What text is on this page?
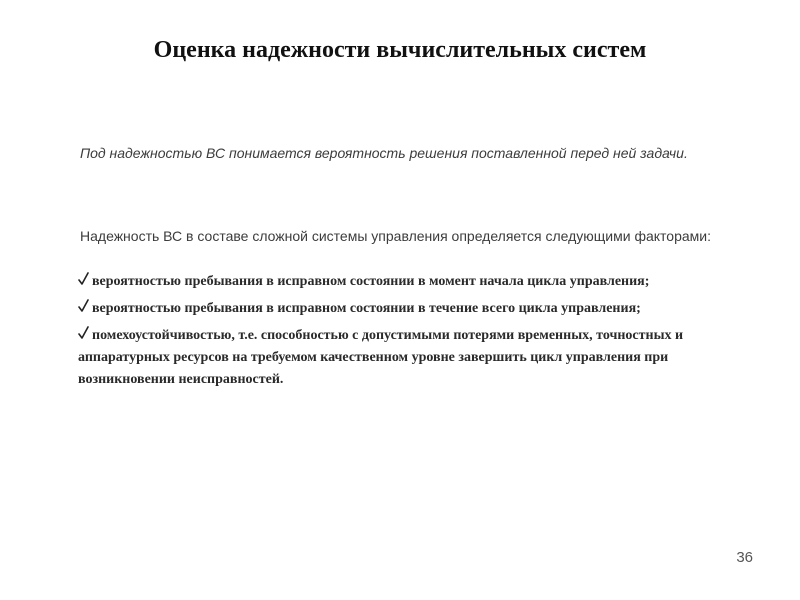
Оценка надежности вычислительных систем

Под надежностью ВС понимается вероятность решения поставленной перед ней задачи.

Надежность ВС в составе сложной системы управления определяется следующими факторами:

вероятностью пребывания в исправном состоянии в момент начала цикла управления;
вероятностью пребывания в исправном состоянии в течение всего цикла управления;
помехоустойчивостью, т.е. способностью с допустимыми потерями временных, точностных и аппаратурных ресурсов на требуемом качественном уровне завершить цикл управления при возникновении неисправностей.
36
